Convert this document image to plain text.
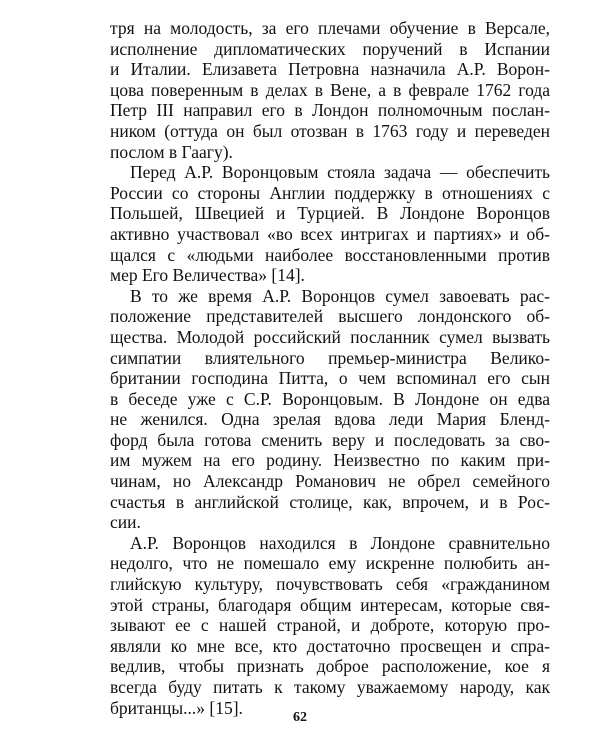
тря на молодость, за его плечами обучение в Версале,
исполнение дипломатических поручений в Испании
и Италии. Елизавета Петровна назначила А.Р. Ворон-
цова поверенным в делах в Вене, а в феврале 1762 года
Петр III направил его в Лондон полномочным послан-
ником (оттуда он был отозван в 1763 году и переведен
послом в Гаагу).
Перед А.Р. Воронцовым стояла задача — обеспечить
России со стороны Англии поддержку в отношениях с
Польшей, Швецией и Турцией. В Лондоне Воронцов
активно участвовал «во всех интригах и партиях» и об-
щался с «людьми наиболее восстановленными против
мер Его Величества» [14].
В то же время А.Р. Воронцов сумел завоевать рас-
положение представителей высшего лондонского об-
щества. Молодой российский посланник сумел вызвать
симпатии влиятельного премьер-министра Велико-
британии господина Питта, о чем вспоминал его сын
в беседе уже с С.Р. Воронцовым. В Лондоне он едва
не женился. Одна зрелая вдова леди Мария Бленд-
форд была готова сменить веру и последовать за сво-
им мужем на его родину. Неизвестно по каким при-
чинам, но Александр Романович не обрел семейного
счастья в английской столице, как, впрочем, и в Рос-
сии.
А.Р. Воронцов находился в Лондоне сравнительно
недолго, что не помешало ему искренне полюбить ан-
глийскую культуру, почувствовать себя «гражданином
этой страны, благодаря общим интересам, которые свя-
зывают ее с нашей страной, и доброте, которую про-
являли ко мне все, кто достаточно просвещен и спра-
ведлив, чтобы признать доброе расположение, кое я
всегда буду питать к такому уважаемому народу, как
британцы...» [15].	62
